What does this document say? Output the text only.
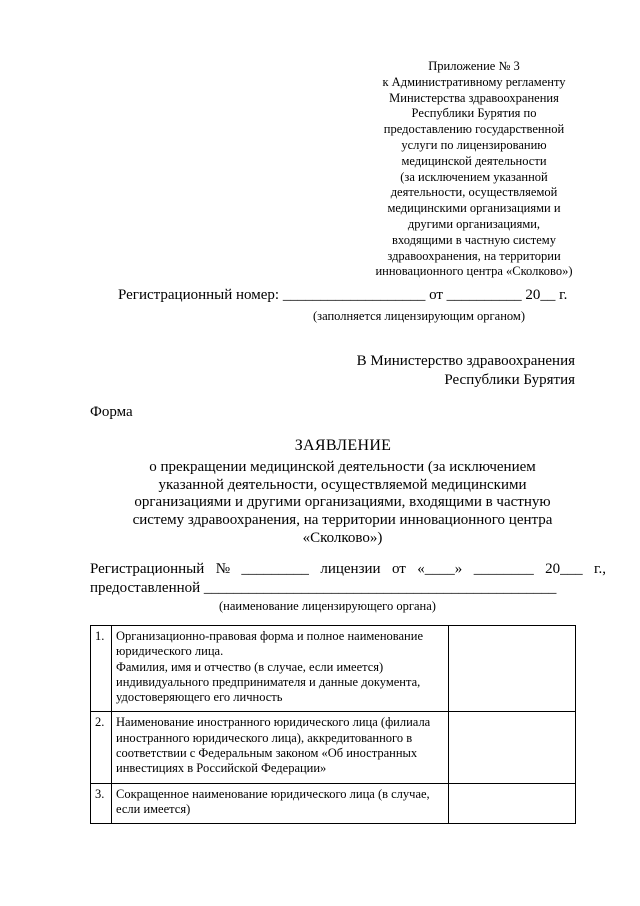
Приложение № 3
к Административному регламенту
Министерства здравоохранения
Республики Бурятия по
предоставлению государственной
услуги по лицензированию
медицинской деятельности
(за исключением указанной
деятельности, осуществляемой
медицинскими организациями и
другими организациями,
входящими в частную систему
здравоохранения, на территории
инновационного центра «Сколково»)
Регистрационный номер: ___________________ от __________ 20__ г.
(заполняется лицензирующим органом)
В Министерство здравоохранения
Республики Бурятия
Форма
ЗАЯВЛЕНИЕ
о прекращении медицинской деятельности (за исключением
указанной деятельности, осуществляемой медицинскими
организациями и другими организациями, входящими в частную
систему здравоохранения, на территории инновационного центра
«Сколково»)
Регистрационный № _________ лицензии от «____» ________ 20___ г.,
предоставленной _______________________________________________
(наименование лицензирующего органа)
1.	Организационно-правовая форма и полное наименование
юридического лица.
Фамилия, имя и отчество (в случае, если имеется)
индивидуального предпринимателя и данные документа,
удостоверяющего его личность	

2.	Наименование иностранного юридического лица (филиала
иностранного юридического лица), аккредитованного в
соответствии с Федеральным законом «Об иностранных
инвестициях в Российской Федерации»	

3.	Сокращенное наименование юридического лица (в случае,
если имеется)	
